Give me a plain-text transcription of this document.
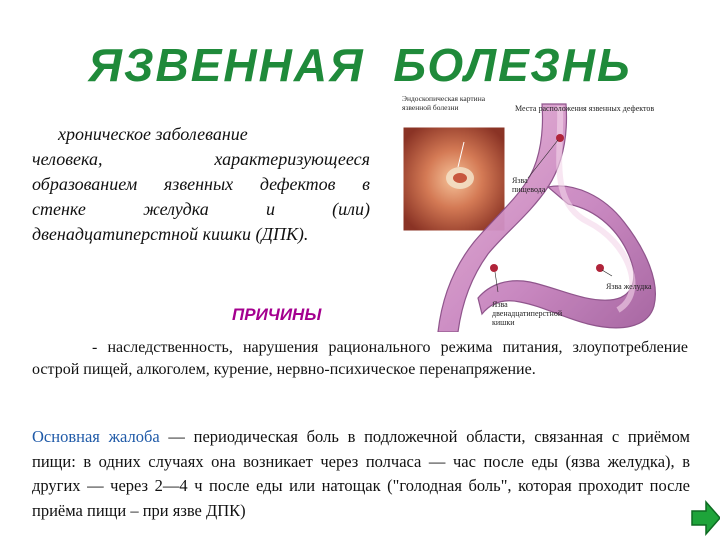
ЯЗВЕННАЯ БОЛЕЗНЬ

хроническое заболевание

человека, характеризующееся

образованием язвенных дефектов в

стенке желудка и (или)

двенадцатиперстной кишки (ДПК).

Эндоскопическая картина язвенной болезни	Места расположения язвенных дефектов
Язва пищевода
Язва желудка
Язва двенадцатиперстной кишки
ПРИЧИНЫ

- наследственность, нарушения рационального режима питания, злоупотребление острой пищей, алкоголем, курение, нервно-психическое перенапряжение.

Основная жалоба — периодическая боль в подложечной области, связанная с приёмом пищи: в одних случаях она возникает через полчаса — час после еды (язва желудка), в других — через 2—4 ч после еды или натощак ("голодная боль", которая проходит после приёма пищи – при язве ДПК)
